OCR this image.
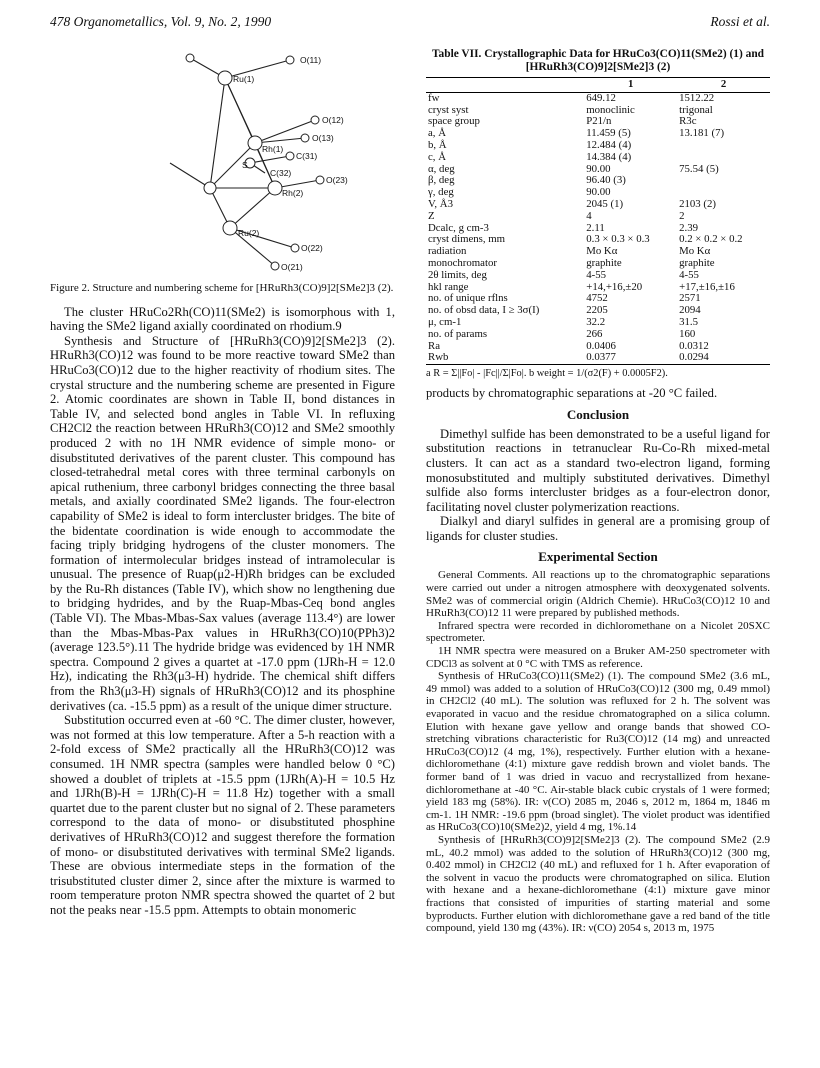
478 Organometallics, Vol. 9, No. 2, 1990	Rossi et al.
O(11)
Ru(1)
O(12)
O(13)
Rh(1)
C(31)
C(32)
S
O(23)
Rh(2)
Ru(2)
O(22)
O(21)

Figure 2. Structure and numbering scheme for [HRuRh3(CO)9]2[SMe2]3 (2).

The cluster HRuCo2Rh(CO)11(SMe2) is isomorphous with 1, having the SMe2 ligand axially coordinated on rhodium.9

Synthesis and Structure of [HRuRh3(CO)9]2[SMe2]3 (2). HRuRh3(CO)12 was found to be more reactive toward SMe2 than HRuCo3(CO)12 due to the higher reactivity of rhodium sites. The crystal structure and the numbering scheme are presented in Figure 2. Atomic coordinates are shown in Table II, bond distances in Table IV, and selected bond angles in Table VI. In refluxing CH2Cl2 the reaction between HRuRh3(CO)12 and SMe2 smoothly produced 2 with no 1H NMR evidence of simple mono- or disubstituted derivatives of the parent cluster. This compound has closed-tetrahedral metal cores with three terminal carbonyls on apical ruthenium, three carbonyl bridges connecting the three basal metals, and axially coordinated SMe2 ligands. The four-electron capability of SMe2 is ideal to form intercluster bridges. The bite of the bidentate coordination is wide enough to accommodate the facing triply bridging hydrogens of the cluster monomers. The formation of intermolecular bridges instead of intramolecular is unusual. The presence of Ruap(μ2-H)Rh bridges can be excluded by the Ru-Rh distances (Table IV), which show no lengthening due to bridging hydrides, and by the Ruap-Mbas-Ceq bond angles (Table VI). The Mbas-Mbas-Sax values (average 113.4°) are lower than the Mbas-Mbas-Pax values in HRuRh3(CO)10(PPh3)2 (average 123.5°).11 The hydride bridge was evidenced by 1H NMR spectra. Compound 2 gives a quartet at -17.0 ppm (1JRh-H = 12.0 Hz), indicating the Rh3(μ3-H) hydride. The chemical shift differs from the Rh3(μ3-H) signals of HRuRh3(CO)12 and its phosphine derivatives (ca. -15.5 ppm) as a result of the unique dimer structure.

Substitution occurred even at -60 °C. The dimer cluster, however, was not formed at this low temperature. After a 5-h reaction with a 2-fold excess of SMe2 practically all the HRuRh3(CO)12 was consumed. 1H NMR spectra (samples were handled below 0 °C) showed a doublet of triplets at -15.5 ppm (1JRh(A)-H = 10.5 Hz and 1JRh(B)-H = 1JRh(C)-H = 11.8 Hz) together with a small quartet due to the parent cluster but no signal of 2. These parameters correspond to the data of mono- or disubstituted phosphine derivatives of HRuRh3(CO)12 and suggest therefore the formation of mono- or disubstituted derivatives with terminal SMe2 ligands. These are obvious intermediate steps in the formation of the trisubstituted cluster dimer 2, since after the mixture is warmed to room temperature proton NMR spectra showed the quartet of 2 but not the peaks near -15.5 ppm. Attempts to obtain monomeric

Table VII. Crystallographic Data for HRuCo3(CO)11(SMe2) (1) and [HRuRh3(CO)9]2[SMe2]3 (2)
	1	2
fw	649.12	1512.22
cryst syst	monoclinic	trigonal
space group	P21/n	R3c
a, Å	11.459 (5)	13.181 (7)
b, Å	12.484 (4)	
c, Å	14.384 (4)	
α, deg	90.00	75.54 (5)
β, deg	96.40 (3)	
γ, deg	90.00	
V, Å3	2045 (1)	2103 (2)
Z	4	2
Dcalc, g cm-3	2.11	2.39
cryst dimens, mm	0.3 × 0.3 × 0.3	0.2 × 0.2 × 0.2
radiation	Mo Kα	Mo Kα
monochromator	graphite	graphite
2θ limits, deg	4-55	4-55
hkl range	+14,+16,±20	+17,±16,±16
no. of unique rflns	4752	2571
no. of obsd data, I ≥ 3σ(I)	2205	2094
μ, cm-1	32.2	31.5
no. of params	266	160
Ra	0.0406	0.0312
Rwb	0.0377	0.0294
a R = Σ||Fo| - |Fc||/Σ|Fo|. b weight = 1/(σ2(F) + 0.0005F2).

products by chromatographic separations at -20 °C failed.

Conclusion

Dimethyl sulfide has been demonstrated to be a useful ligand for substitution reactions in tetranuclear Ru-Co-Rh mixed-metal clusters. It can act as a standard two-electron ligand, forming monosubstituted and multiply substituted derivatives. Dimethyl sulfide also forms intercluster bridges as a four-electron donor, facilitating novel cluster polymerization reactions.

Dialkyl and diaryl sulfides in general are a promising group of ligands for cluster studies.

Experimental Section

General Comments. All reactions up to the chromatographic separations were carried out under a nitrogen atmosphere with deoxygenated solvents. SMe2 was of commercial origin (Aldrich Chemie). HRuCo3(CO)12 10 and HRuRh3(CO)12 11 were prepared by published methods.

Infrared spectra were recorded in dichloromethane on a Nicolet 20SXC spectrometer.

1H NMR spectra were measured on a Bruker AM-250 spectrometer with CDCl3 as solvent at 0 °C with TMS as reference.

Synthesis of HRuCo3(CO)11(SMe2) (1). The compound SMe2 (3.6 mL, 49 mmol) was added to a solution of HRuCo3(CO)12 (300 mg, 0.49 mmol) in CH2Cl2 (40 mL). The solution was refluxed for 2 h. The solvent was evaporated in vacuo and the residue chromatographed on a silica column. Elution with hexane gave yellow and orange bands that showed CO-stretching vibrations characteristic for Ru3(CO)12 (14 mg) and unreacted HRuCo3(CO)12 (4 mg, 1%), respectively. Further elution with a hexane-dichloromethane (4:1) mixture gave reddish brown and violet bands. The former band of 1 was dried in vacuo and recrystallized from hexane-dichloromethane at -40 °C. Air-stable black cubic crystals of 1 were formed; yield 183 mg (58%). IR: ν(CO) 2085 m, 2046 s, 2012 m, 1864 m, 1846 m cm-1. 1H NMR: -19.6 ppm (broad singlet). The violet product was identified as HRuCo3(CO)10(SMe2)2, yield 4 mg, 1%.14

Synthesis of [HRuRh3(CO)9]2[SMe2]3 (2). The compound SMe2 (2.9 mL, 40.2 mmol) was added to the solution of HRuRh3(CO)12 (300 mg, 0.402 mmol) in CH2Cl2 (40 mL) and refluxed for 1 h. After evaporation of the solvent in vacuo the products were chromatographed on silica. Elution with hexane and a hexane-dichloromethane (4:1) mixture gave minor fractions that consisted of impurities of starting material and some byproducts. Further elution with dichloromethane gave a red band of the title compound, yield 130 mg (43%). IR: ν(CO) 2054 s, 2013 m, 1975
